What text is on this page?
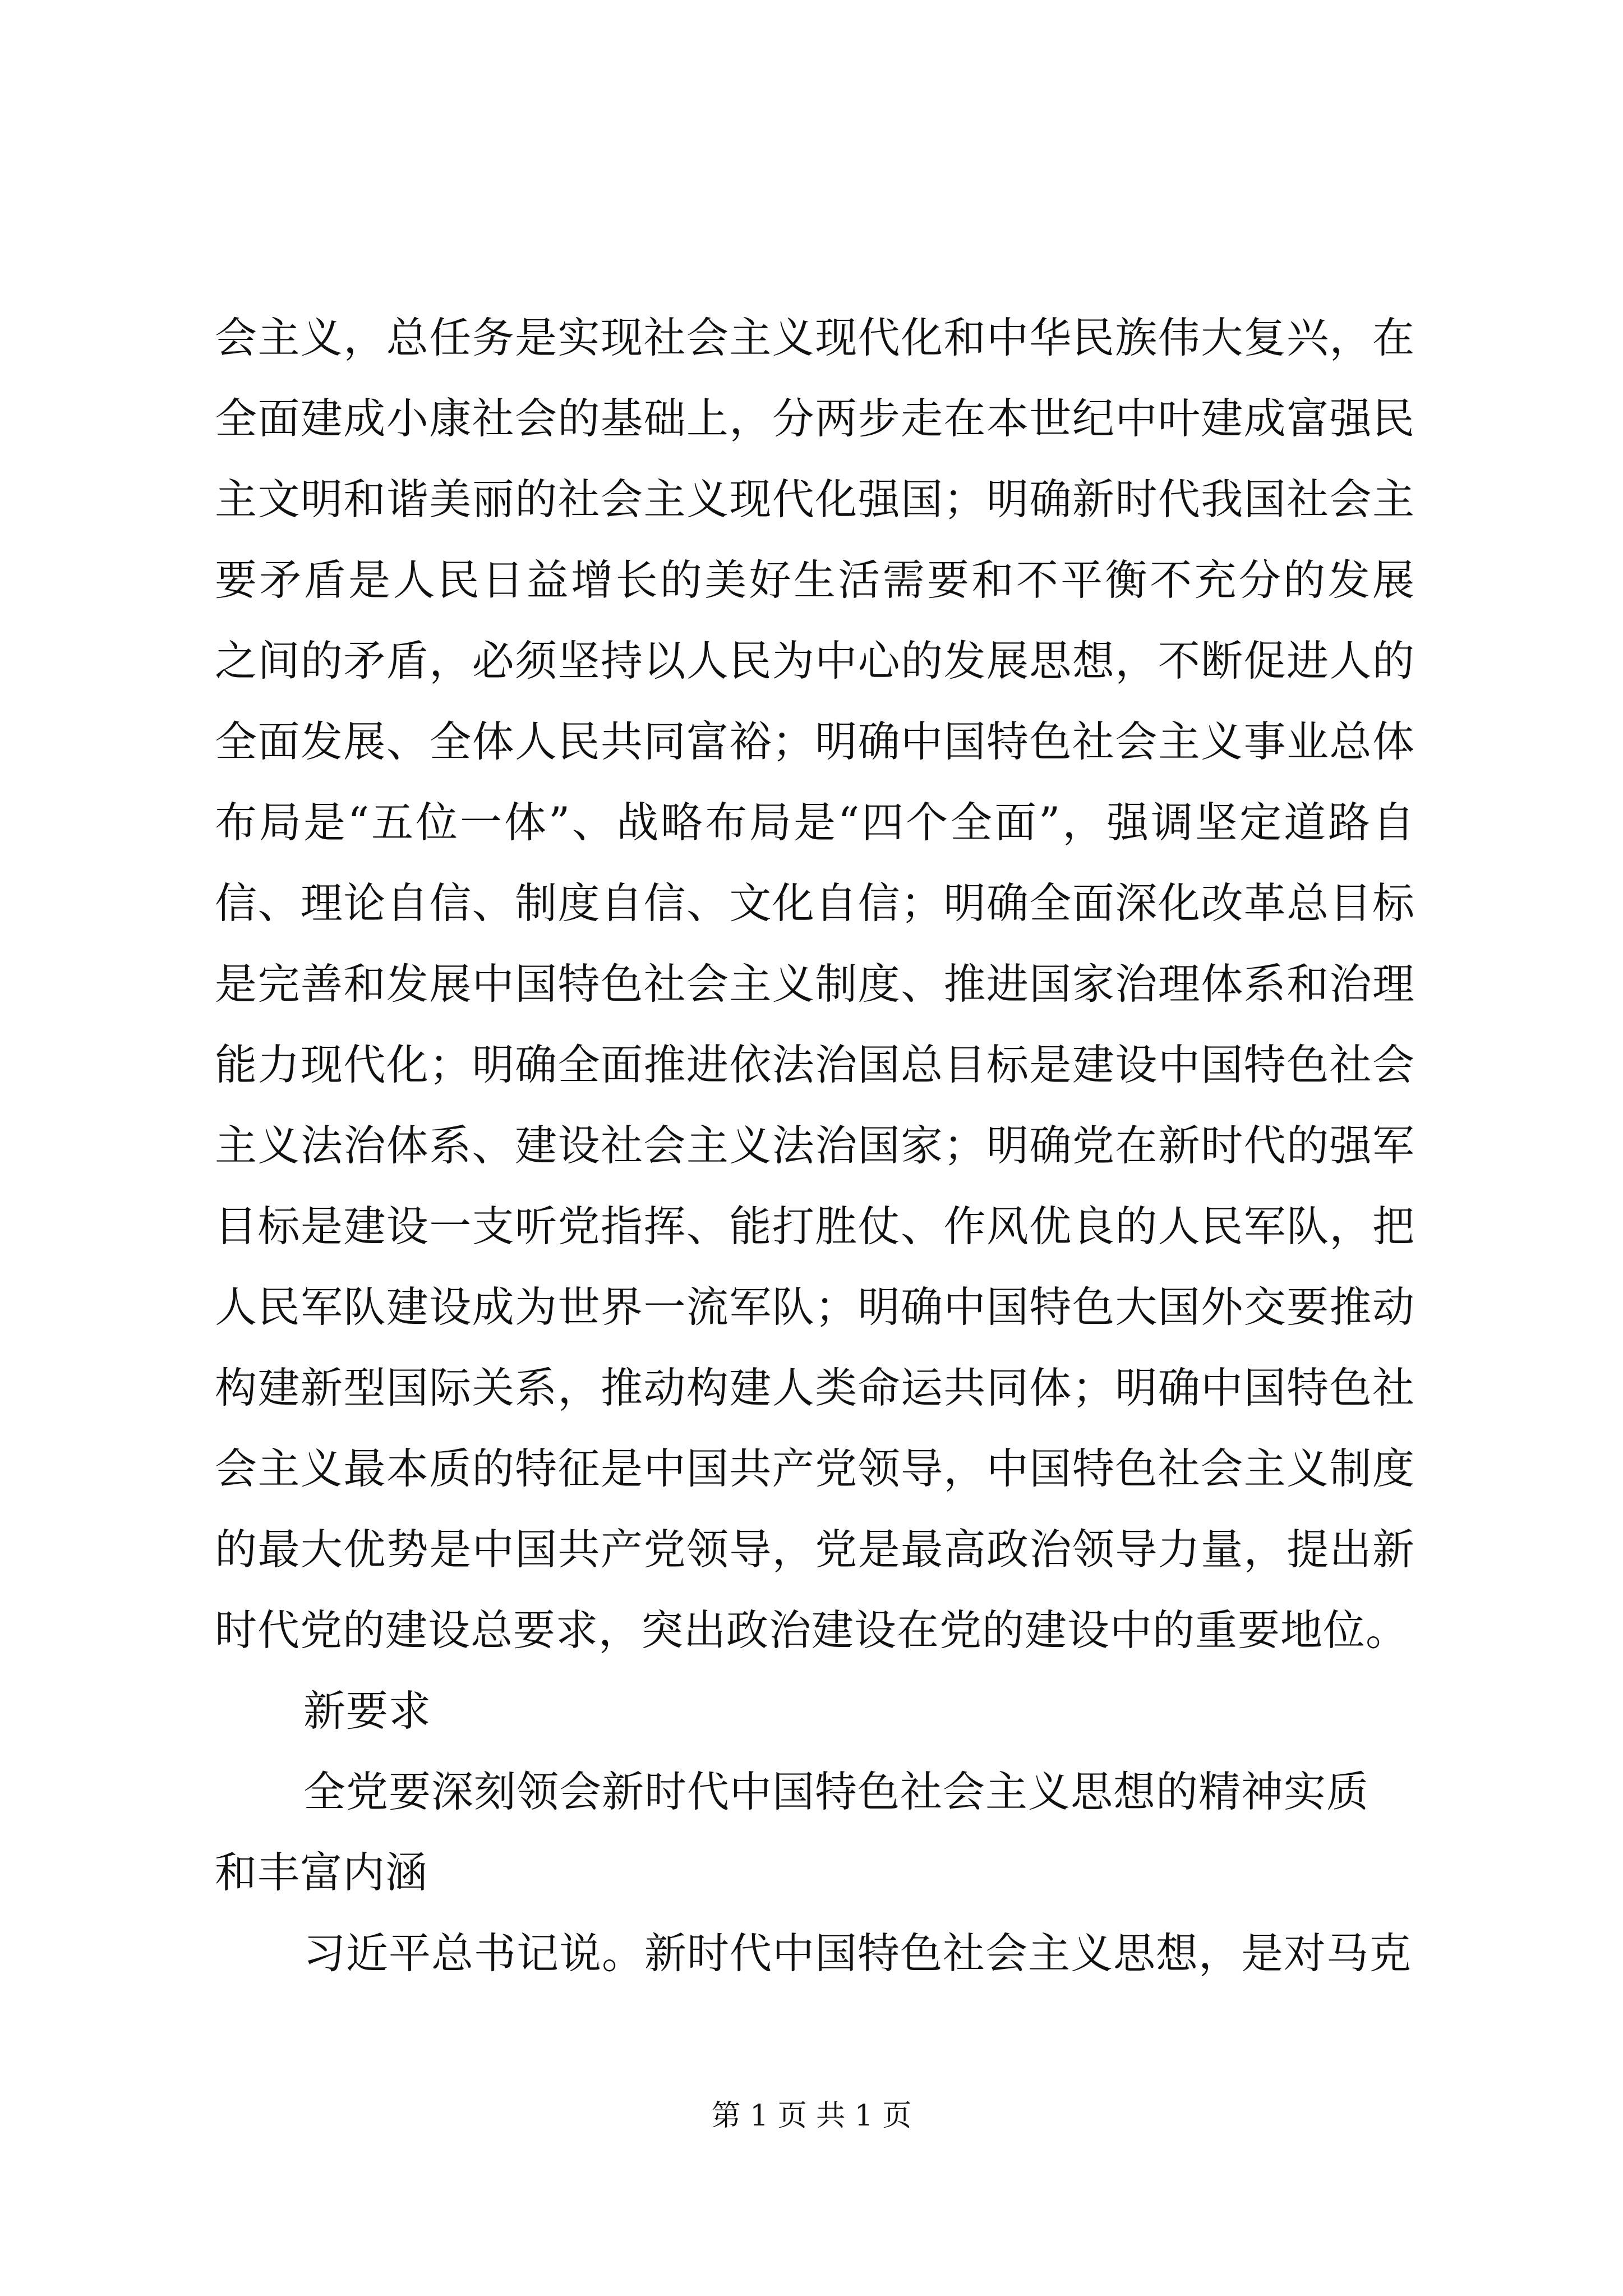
会主义，总任务是实现社会主义现代化和中华民族伟大复兴，在
全面建成小康社会的基础上，分两步走在本世纪中叶建成富强民
主文明和谐美丽的社会主义现代化强国；明确新时代我国社会主
要矛盾是人民日益增长的美好生活需要和不平衡不充分的发展
之间的矛盾，必须坚持以人民为中心的发展思想，不断促进人的
全面发展、全体人民共同富裕；明确中国特色社会主义事业总体
布局是“五位一体”、战略布局是“四个全面”，强调坚定道路自
信、理论自信、制度自信、文化自信；明确全面深化改革总目标
是完善和发展中国特色社会主义制度、推进国家治理体系和治理
能力现代化；明确全面推进依法治国总目标是建设中国特色社会
主义法治体系、建设社会主义法治国家；明确党在新时代的强军
目标是建设一支听党指挥、能打胜仗、作风优良的人民军队，把
人民军队建设成为世界一流军队；明确中国特色大国外交要推动
构建新型国际关系，推动构建人类命运共同体；明确中国特色社
会主义最本质的特征是中国共产党领导，中国特色社会主义制度
的最大优势是中国共产党领导，党是最高政治领导力量，提出新
时代党的建设总要求，突出政治建设在党的建设中的重要地位。
新要求
全党要深刻领会新时代中国特色社会主义思想的精神实质
和丰富内涵
习近平总书记说。新时代中国特色社会主义思想，是对马克
第 1 页 共 1 页
